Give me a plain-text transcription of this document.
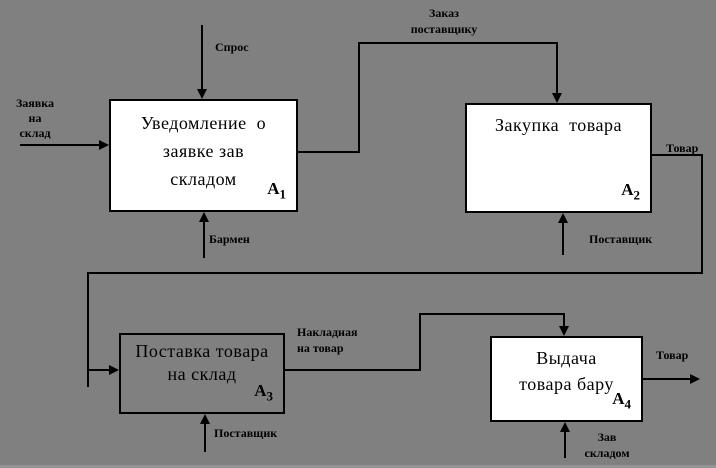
Уведомление  о
заявке зав
складом	$A_1$
Закупка  товара
$A_2$
Поставка товара
на склад
$A_3$
Выдача
товара бару
$A_4$
Заявка
на
склад
Спрос
Заказ
поставщику
Товар
Бармен	Поставщик
Накладная
на товар
Поставщик
Товар
Зав
складом
